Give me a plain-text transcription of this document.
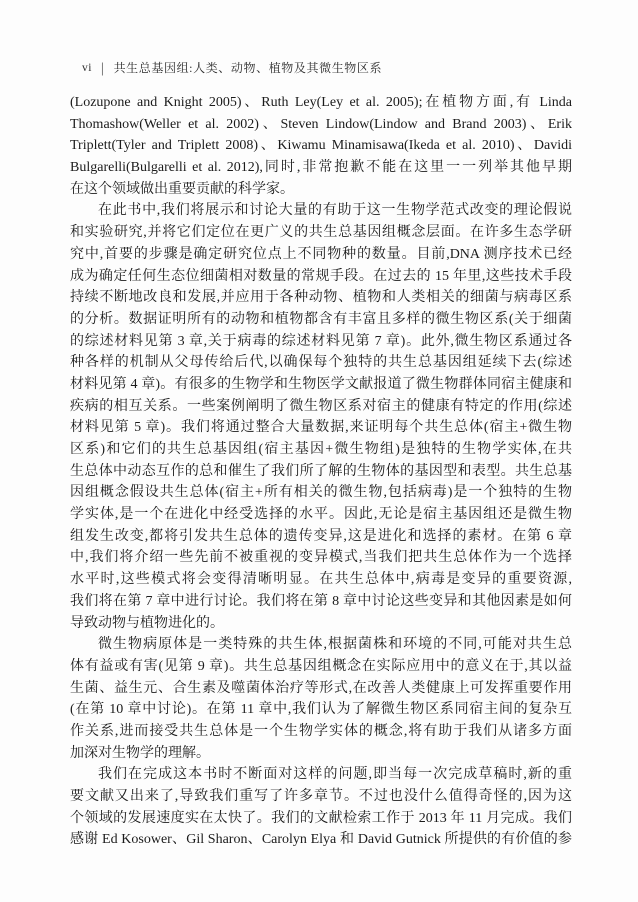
vi | 共生总基因组:人类、动物、植物及其微生物区系
(Lozupone and Knight 2005)、Ruth Ley(Ley et al. 2005);在植物方面,有 Linda
Thomashow(Weller et al. 2002)、Steven Lindow(Lindow and Brand 2003)、Erik
Triplett(Tyler and Triplett 2008)、Kiwamu Minamisawa(Ikeda et al. 2010)、Davidi
Bulgarelli(Bulgarelli et al. 2012),同时,非常抱歉不能在这里一一列举其他早期
在这个领域做出重要贡献的科学家。
在此书中,我们将展示和讨论大量的有助于这一生物学范式改变的理论假说
和实验研究,并将它们定位在更广义的共生总基因组概念层面。在许多生态学研
究中,首要的步骤是确定研究位点上不同物种的数量。目前,DNA 测序技术已经
成为确定任何生态位细菌相对数量的常规手段。在过去的 15 年里,这些技术手段
持续不断地改良和发展,并应用于各种动物、植物和人类相关的细菌与病毒区系
的分析。数据证明所有的动物和植物都含有丰富且多样的微生物区系(关于细菌
的综述材料见第 3 章,关于病毒的综述材料见第 7 章)。此外,微生物区系通过各
种各样的机制从父母传给后代,以确保每个独特的共生总基因组延续下去(综述
材料见第 4 章)。有很多的生物学和生物医学文献报道了微生物群体同宿主健康和
疾病的相互关系。一些案例阐明了微生物区系对宿主的健康有特定的作用(综述
材料见第 5 章)。我们将通过整合大量数据,来证明每个共生总体(宿主+微生物
区系)和它们的共生总基因组(宿主基因+微生物组)是独特的生物学实体,在共
生总体中动态互作的总和催生了我们所了解的生物体的基因型和表型。共生总基
因组概念假设共生总体(宿主+所有相关的微生物,包括病毒)是一个独特的生物
学实体,是一个在进化中经受选择的水平。因此,无论是宿主基因组还是微生物
组发生改变,都将引发共生总体的遗传变异,这是进化和选择的素材。在第 6 章
中,我们将介绍一些先前不被重视的变异模式,当我们把共生总体作为一个选择
水平时,这些模式将会变得清晰明显。在共生总体中,病毒是变异的重要资源,
我们将在第 7 章中进行讨论。我们将在第 8 章中讨论这些变异和其他因素是如何
导致动物与植物进化的。
微生物病原体是一类特殊的共生体,根据菌株和环境的不同,可能对共生总
体有益或有害(见第 9 章)。共生总基因组概念在实际应用中的意义在于,其以益
生菌、益生元、合生素及噬菌体治疗等形式,在改善人类健康上可发挥重要作用
(在第 10 章中讨论)。在第 11 章中,我们认为了解微生物区系同宿主间的复杂互
作关系,进而接受共生总体是一个生物学实体的概念,将有助于我们从诸多方面
加深对生物学的理解。
我们在完成这本书时不断面对这样的问题,即当每一次完成草稿时,新的重
要文献又出来了,导致我们重写了许多章节。不过也没什么值得奇怪的,因为这
个领域的发展速度实在太快了。我们的文献检索工作于 2013 年 11 月完成。我们
感谢 Ed Kosower、Gil Sharon、Carolyn Elya 和 David Gutnick 所提供的有价值的参
